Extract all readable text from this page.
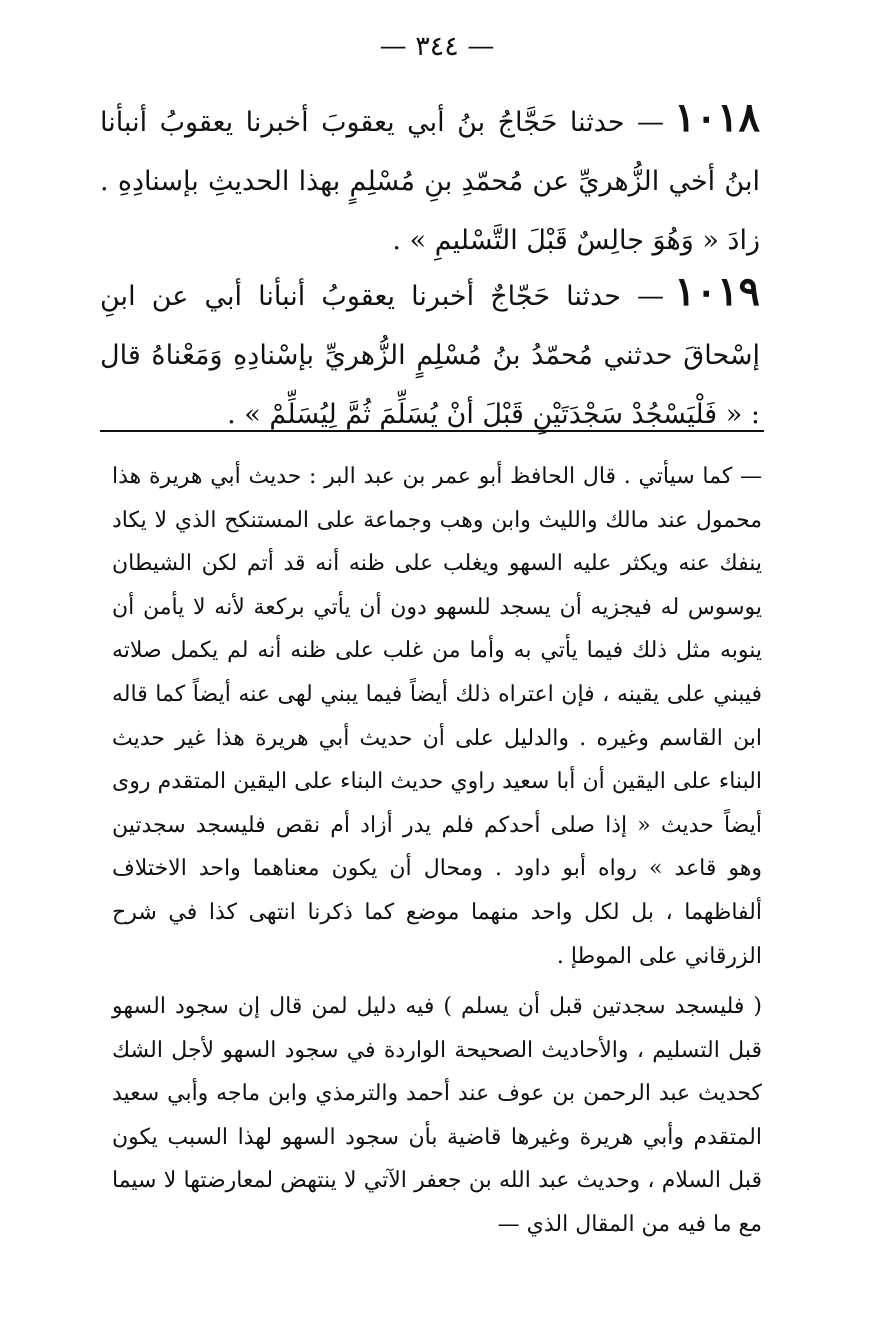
— ٣٤٤ —
١٠١٨— حدثنا حَجَّاجُ بنُ أبي يعقوبَ أخبرنا يعقوبُ أنبأنا ابنُ أخي الزُّهريِّ عن مُحمّدِ بنِ مُسْلِمٍ بهذا الحديثِ بإسنادِهِ . زادَ « وَهُوَ جالِسٌ قَبْلَ التَّسْليمِ » .
١٠١٩— حدثنا حَجّاجٌ أخبرنا يعقوبُ أنبأنا أبي عن ابنِ إسْحاقَ حدثني مُحمّدُ بنُ مُسْلِمٍ الزُّهريِّ بإسْنادِهِ وَمَعْناهُ قال : « فَلْيَسْجُدْ سَجْدَتَيْنِ قَبْلَ أنْ يُسَلِّمَ ثُمَّ لِيُسَلِّمْ » .
— كما سيأتي . قال الحافظ أبو عمر بن عبد البر : حديث أبي هريرة هذا محمول عند مالك والليث وابن وهب وجماعة على المستنكح الذي لا يكاد ينفك عنه ويكثر عليه السهو ويغلب على ظنه أنه قد أتم لكن الشيطان يوسوس له فيجزيه أن يسجد للسهو دون أن يأتي بركعة لأنه لا يأمن أن ينوبه مثل ذلك فيما يأتي به وأما من غلب على ظنه أنه لم يكمل صلاته فيبني على يقينه ، فإن اعتراه ذلك أيضاً فيما يبني لهى عنه أيضاً كما قاله ابن القاسم وغيره . والدليل على أن حديث أبي هريرة هذا غير حديث البناء على اليقين أن أبا سعيد راوي حديث البناء على اليقين المتقدم روى أيضاً حديث « إذا صلى أحدكم فلم يدر أزاد أم نقص فليسجد سجدتين وهو قاعد » رواه أبو داود . ومحال أن يكون معناهما واحد الاختلاف ألفاظهما ، بل لكل واحد منهما موضع كما ذكرنا انتهى كذا في شرح الزرقاني على الموطإ .
( فليسجد سجدتين قبل أن يسلم ) فيه دليل لمن قال إن سجود السهو قبل التسليم ، والأحاديث الصحيحة الواردة في سجود السهو لأجل الشك كحديث عبد الرحمن بن عوف عند أحمد والترمذي وابن ماجه وأبي سعيد المتقدم وأبي هريرة وغيرها قاضية بأن سجود السهو لهذا السبب يكون قبل السلام ، وحديث عبد الله بن جعفر الآتي لا ينتهض لمعارضتها لا سيما مع ما فيه من المقال الذي —
